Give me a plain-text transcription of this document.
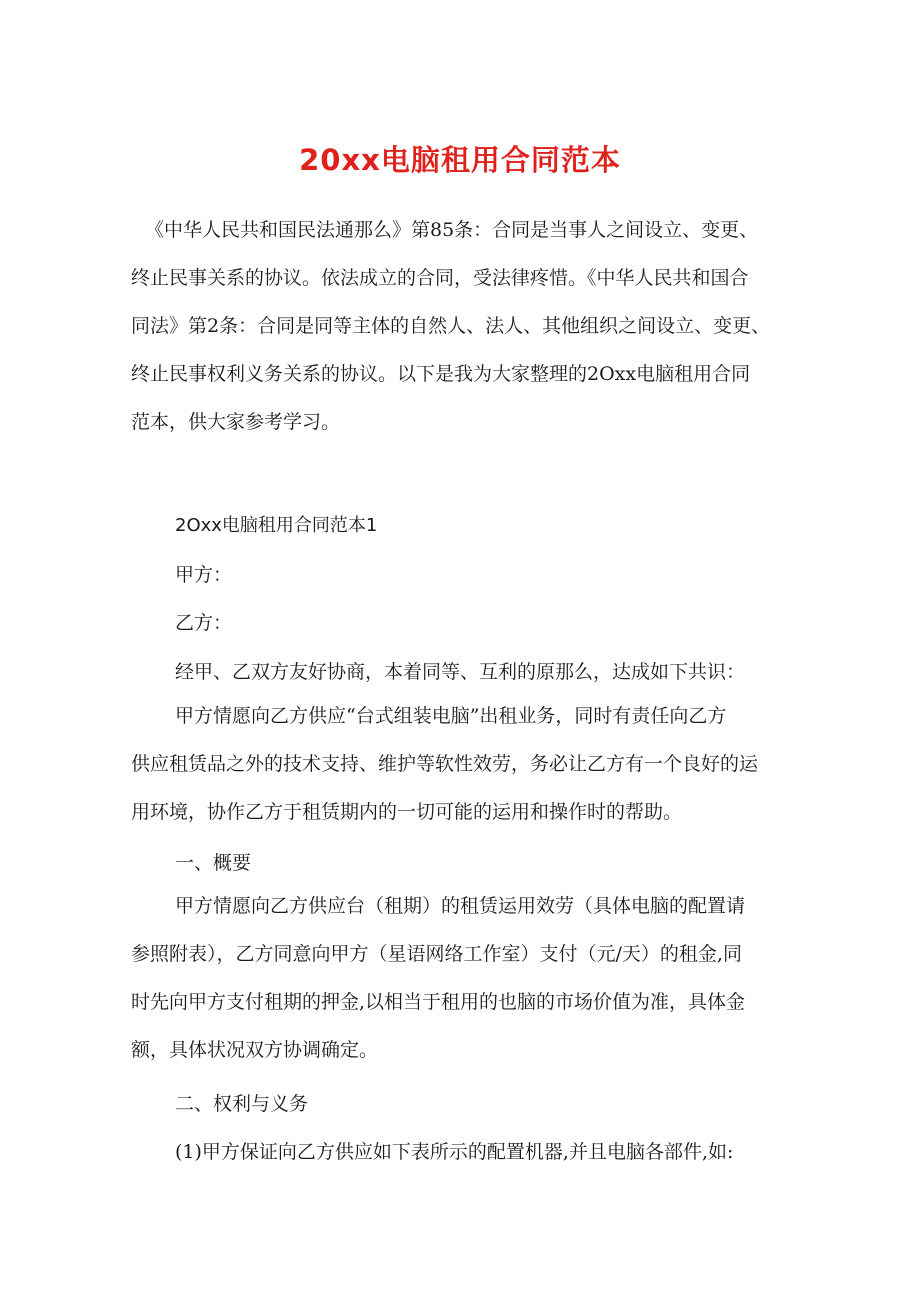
20xx电脑租用合同范本
《中华人民共和国民法通那么》第85条：合同是当事人之间设立、变更、
终止民事关系的协议。依法成立的合同，受法律疼惜。《中华人民共和国合
同法》第2条：合同是同等主体的自然人、法人、其他组织之间设立、变更、
终止民事权利义务关系的协议。以下是我为大家整理的2Oxx电脑租用合同
范本，供大家参考学习。
2Oxx电脑租用合同范本1
甲方：
乙方：
经甲、乙双方友好协商，本着同等、互利的原那么，达成如下共识：
甲方情愿向乙方供应“台式组装电脑”出租业务，同时有责任向乙方
供应租赁品之外的技术支持、维护等软性效劳，务必让乙方有一个良好的运
用环境，协作乙方于租赁期内的一切可能的运用和操作时的帮助。
一、概要
甲方情愿向乙方供应台（租期）的租赁运用效劳（具体电脑的配置请
参照附表），乙方同意向甲方（星语网络工作室）支付（元/天）的租金,同
时先向甲方支付租期的押金,以相当于租用的也脑的市场价值为准，具体金
额，具体状况双方协调确定。
二、权利与义务
(1)甲方保证向乙方供应如下表所示的配置机器,并且电脑各部件,如:
